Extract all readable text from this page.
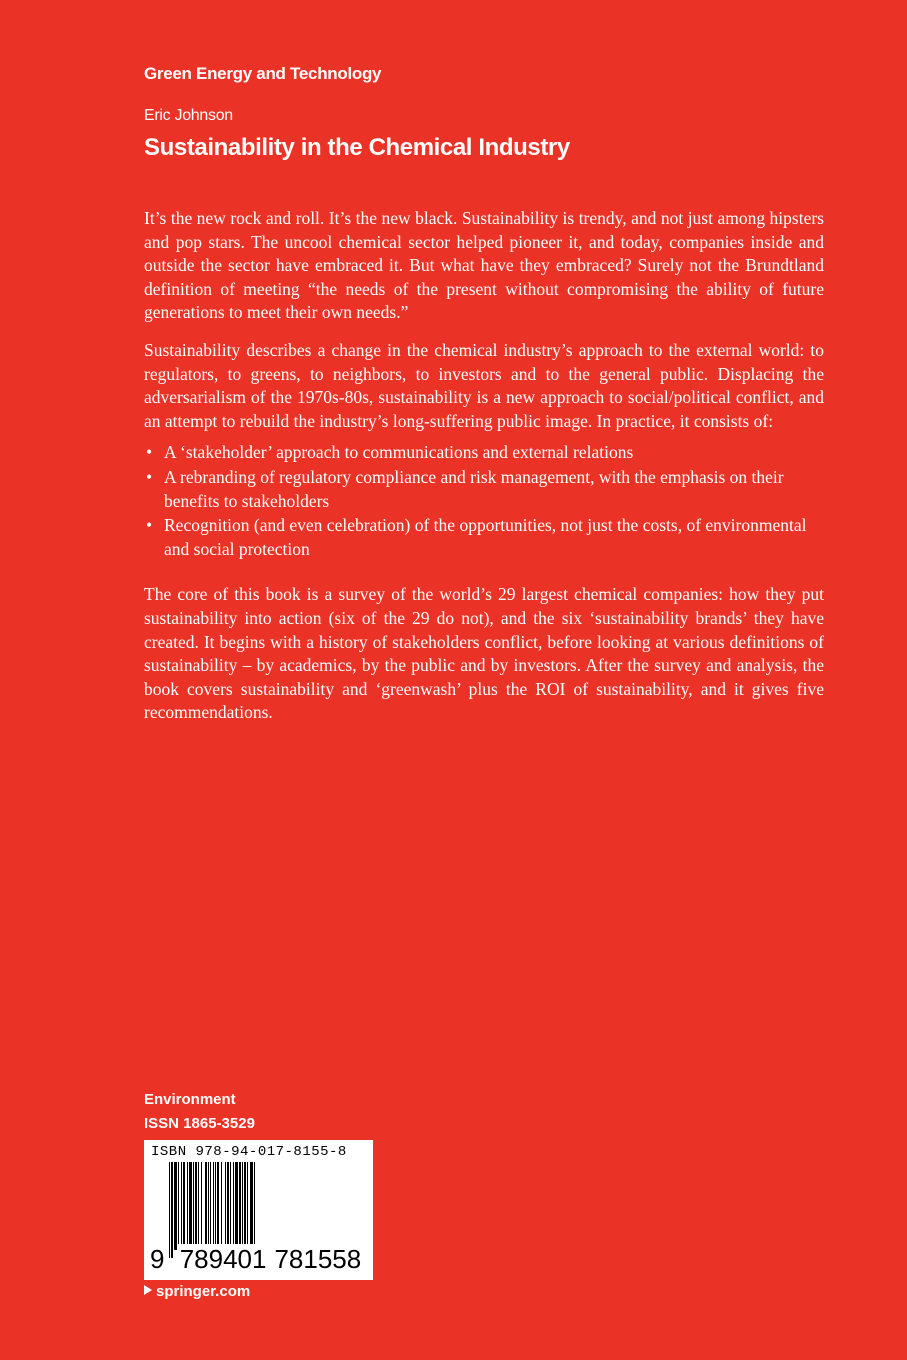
Green Energy and Technology
Eric Johnson
Sustainability in the Chemical Industry

It’s the new rock and roll. It’s the new black. Sustainability is trendy, and not just among hipsters and pop stars. The uncool chemical sector helped pioneer it, and today, companies inside and outside the sector have embraced it. But what have they embraced? Surely not the Brundtland definition of meeting “the needs of the present without compromising the ability of future generations to meet their own needs.”

Sustainability describes a change in the chemical industry’s approach to the external world: to regulators, to greens, to neighbors, to investors and to the general public. Displacing the adversarialism of the 1970s-80s, sustainability is a new approach to social/political conflict, and an attempt to rebuild the industry’s long-suffering public image. In practice, it consists of:

• A ‘stakeholder’ approach to communications and external relations
• A rebranding of regulatory compliance and risk management, with the emphasis on their benefits to stakeholders
• Recognition (and even celebration) of the opportunities, not just the costs, of environmental and social protection

The core of this book is a survey of the world’s 29 largest chemical companies: how they put sustainability into action (six of the 29 do not), and the six ‘sustainability brands’ they have created. It begins with a history of stakeholders conflict, before looking at various definitions of sustainability – by academics, by the public and by investors. After the survey and analysis, the book covers sustainability and ‘greenwash’ plus the ROI of sustainability, and it gives five recommendations.

Environment
ISSN 1865-3529
ISBN 978-94-017-8155-8
9 789401 781558
springer.com
